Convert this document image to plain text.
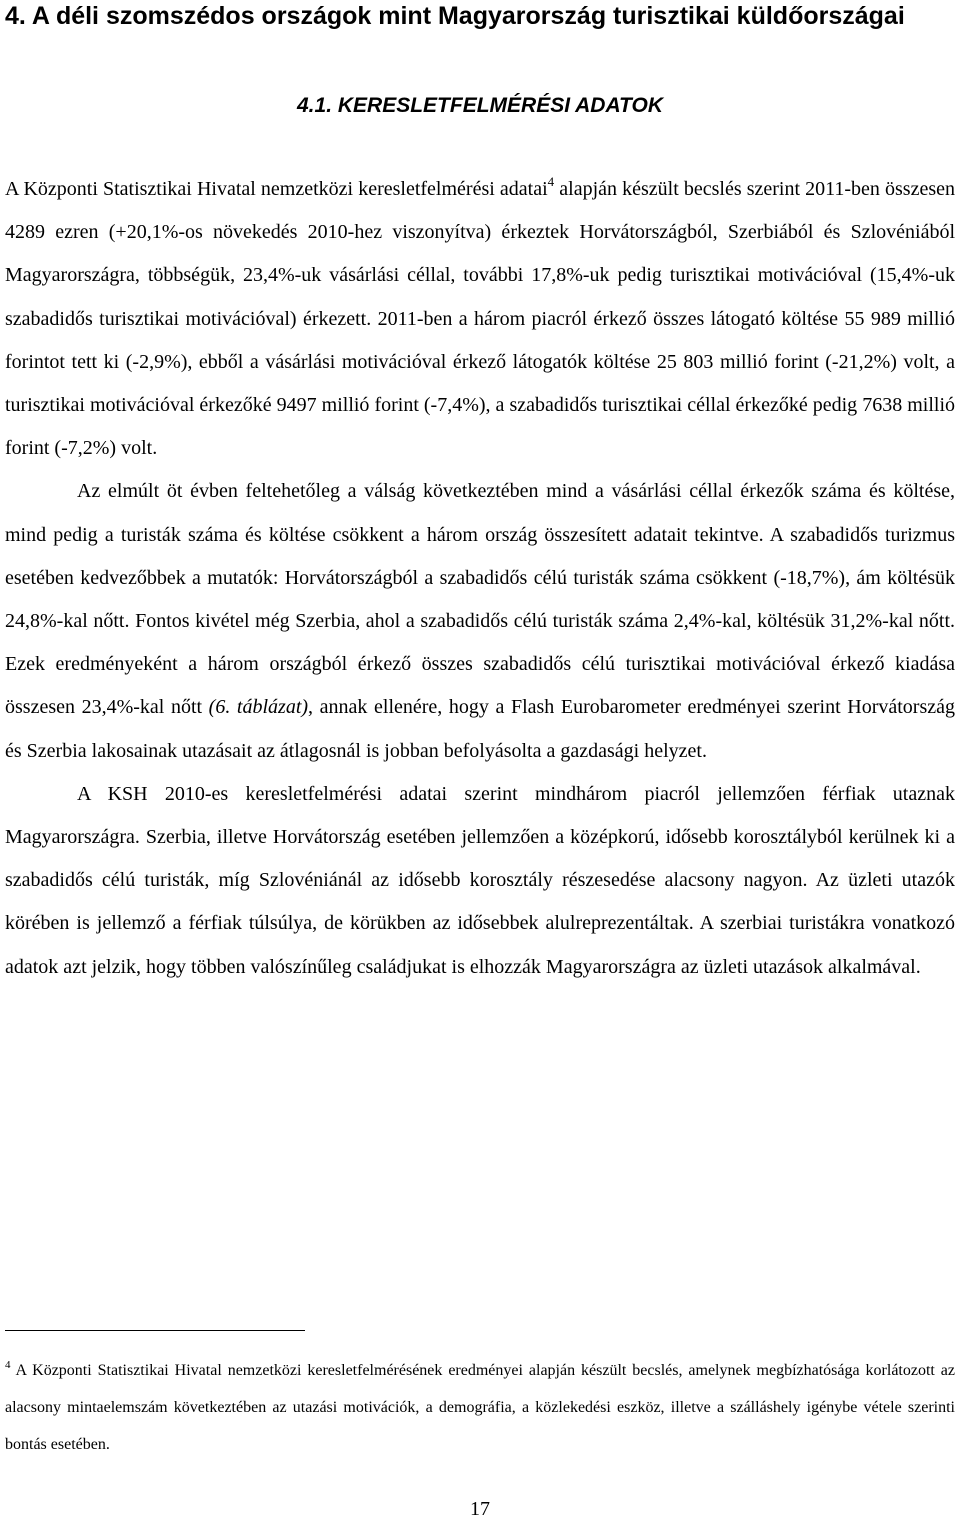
4. A déli szomszédos országok mint Magyarország turisztikai küldőországai
4.1. KERESLETFELMÉRÉSI ADATOK

A Központi Statisztikai Hivatal nemzetközi keresletfelmérési adatai$^4$ alapján készült becslés szerint 2011-ben összesen 4289 ezren (+20,1%-os növekedés 2010-hez viszonyítva) érkeztek Horvátországból, Szerbiából és Szlovéniából Magyarországra, többségük, 23,4%-uk vásárlási céllal, további 17,8%-uk pedig turisztikai motivációval (15,4%-uk szabadidős turisztikai motivációval) érkezett. 2011-ben a három piacról érkező összes látogató költése 55 989 millió forintot tett ki (-2,9%), ebből a vásárlási motivációval érkező látogatók költése 25 803 millió forint (-21,2%) volt, a turisztikai motivációval érkezőké 9497 millió forint (-7,4%), a szabadidős turisztikai céllal érkezőké pedig 7638 millió forint (-7,2%) volt.

Az elmúlt öt évben feltehetőleg a válság következtében mind a vásárlási céllal érkezők száma és költése, mind pedig a turisták száma és költése csökkent a három ország összesített adatait tekintve. A szabadidős turizmus esetében kedvezőbbek a mutatók: Horvátországból a szabadidős célú turisták száma csökkent (-18,7%), ám költésük 24,8%-kal nőtt. Fontos kivétel még Szerbia, ahol a szabadidős célú turisták száma 2,4%-kal, költésük 31,2%-kal nőtt. Ezek eredményeként a három országból érkező összes szabadidős célú turisztikai motivációval érkező kiadása összesen 23,4%-kal nőtt (6. táblázat), annak ellenére, hogy a Flash Eurobarometer eredményei szerint Horvátország és Szerbia lakosainak utazásait az átlagosnál is jobban befolyásolta a gazdasági helyzet.

A KSH 2010-es keresletfelmérési adatai szerint mindhárom piacról jellemzően férfiak utaznak Magyarországra. Szerbia, illetve Horvátország esetében jellemzően a középkorú, idősebb korosztályból kerülnek ki a szabadidős célú turisták, míg Szlovéniánál az idősebb korosztály részesedése alacsony nagyon. Az üzleti utazók körében is jellemző a férfiak túlsúlya, de körükben az idősebbek alulreprezentáltak. A szerbiai turistákra vonatkozó adatok azt jelzik, hogy többen valószínűleg családjukat is elhozzák Magyarországra az üzleti utazások alkalmával.

$^4$ A Központi Statisztikai Hivatal nemzetközi keresletfelmérésének eredményei alapján készült becslés, amelynek megbízhatósága korlátozott az alacsony mintaelemszám következtében az utazási motivációk, a demográfia, a közlekedési eszköz, illetve a szálláshely igénybe vétele szerinti bontás esetében.

17
